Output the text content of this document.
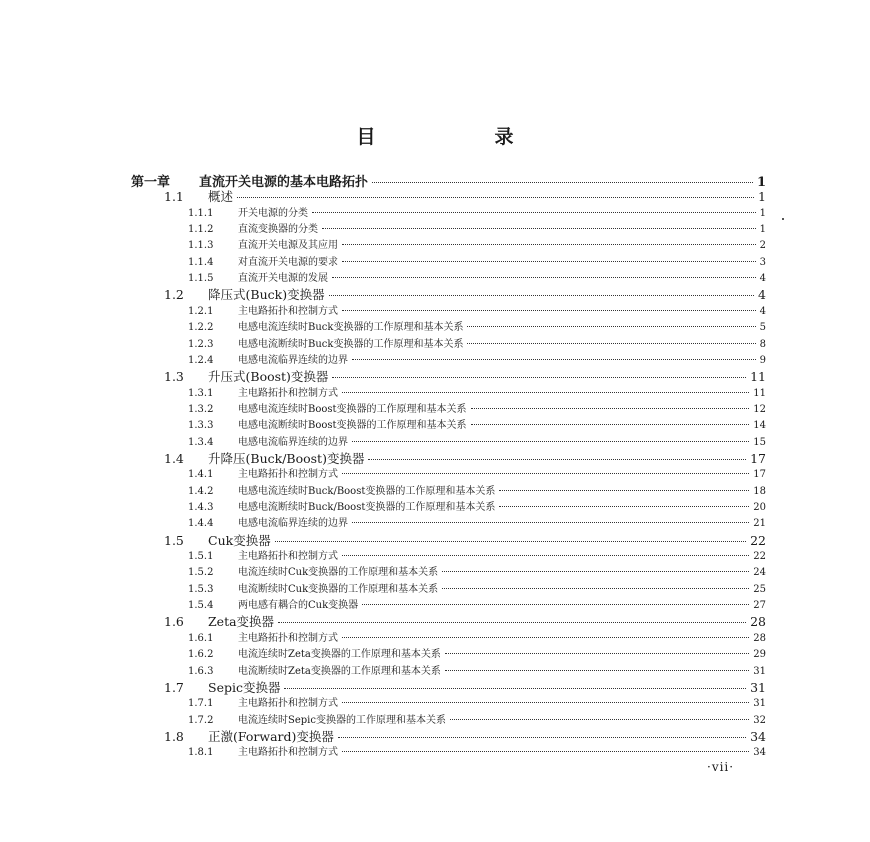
目　录
第一章	直流开关电源的基本电路拓扑	1
1.1	概述	1
1.1.1	开关电源的分类	1
1.1.2	直流变换器的分类	1
1.1.3	直流开关电源及其应用	2
1.1.4	对直流开关电源的要求	3
1.1.5	直流开关电源的发展	4
1.2	降压式(Buck)变换器	4
1.2.1	主电路拓扑和控制方式	4
1.2.2	电感电流连续时Buck变换器的工作原理和基本关系	5
1.2.3	电感电流断续时Buck变换器的工作原理和基本关系	8
1.2.4	电感电流临界连续的边界	9
1.3	升压式(Boost)变换器	11
1.3.1	主电路拓扑和控制方式	11
1.3.2	电感电流连续时Boost变换器的工作原理和基本关系	12
1.3.3	电感电流断续时Boost变换器的工作原理和基本关系	14
1.3.4	电感电流临界连续的边界	15
1.4	升降压(Buck/Boost)变换器	17
1.4.1	主电路拓扑和控制方式	17
1.4.2	电感电流连续时Buck/Boost变换器的工作原理和基本关系	18
1.4.3	电感电流断续时Buck/Boost变换器的工作原理和基本关系	20
1.4.4	电感电流临界连续的边界	21
1.5	Cuk变换器	22
1.5.1	主电路拓扑和控制方式	22
1.5.2	电流连续时Cuk变换器的工作原理和基本关系	24
1.5.3	电流断续时Cuk变换器的工作原理和基本关系	25
1.5.4	两电感有耦合的Cuk变换器	27
1.6	Zeta变换器	28
1.6.1	主电路拓扑和控制方式	28
1.6.2	电流连续时Zeta变换器的工作原理和基本关系	29
1.6.3	电流断续时Zeta变换器的工作原理和基本关系	31
1.7	Sepic变换器	31
1.7.1	主电路拓扑和控制方式	31
1.7.2	电流连续时Sepic变换器的工作原理和基本关系	32
1.8	正激(Forward)变换器	34
1.8.1	主电路拓扑和控制方式	34
·vii·
